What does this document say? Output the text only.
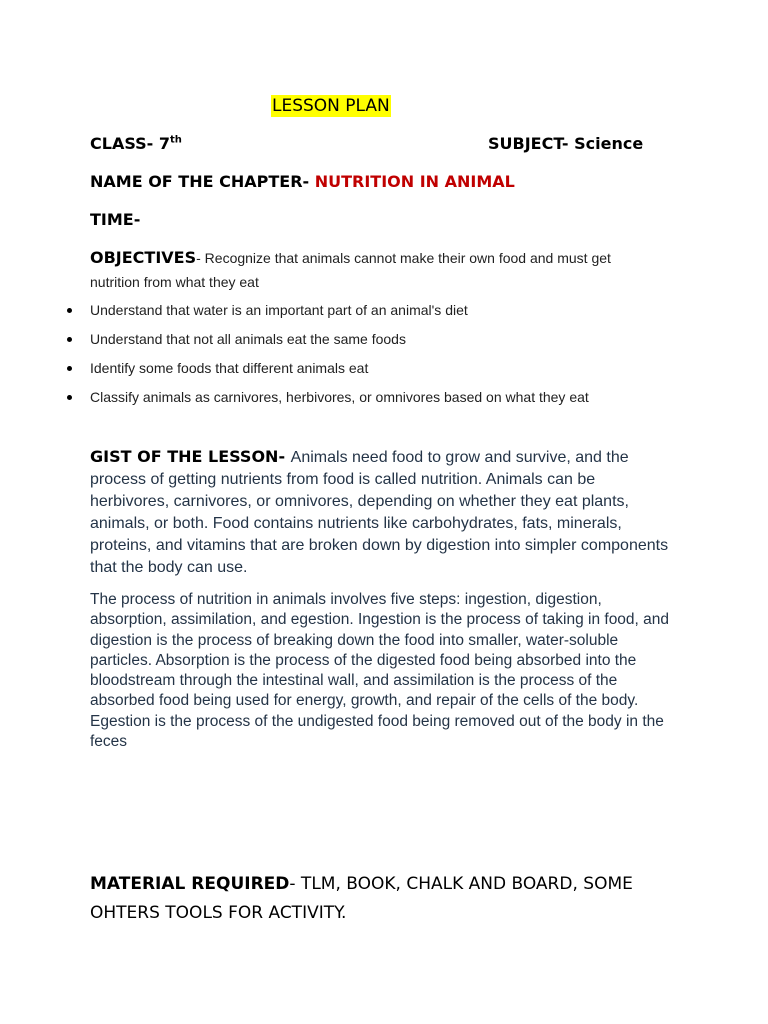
LESSON PLAN
CLASS- 7th	SUBJECT- Science
NAME OF THE CHAPTER- NUTRITION IN ANIMAL
TIME-
OBJECTIVES- Recognize that animals cannot make their own food and must get nutrition from what they eat
Understand that water is an important part of an animal's diet
Understand that not all animals eat the same foods
Identify some foods that different animals eat
Classify animals as carnivores, herbivores, or omnivores based on what they eat
GIST OF THE LESSON- Animals need food to grow and survive, and the process of getting nutrients from food is called nutrition. Animals can be herbivores, carnivores, or omnivores, depending on whether they eat plants, animals, or both. Food contains nutrients like carbohydrates, fats, minerals, proteins, and vitamins that are broken down by digestion into simpler components that the body can use.
The process of nutrition in animals involves five steps: ingestion, digestion, absorption, assimilation, and egestion. Ingestion is the process of taking in food, and digestion is the process of breaking down the food into smaller, water-soluble particles. Absorption is the process of the digested food being absorbed into the bloodstream through the intestinal wall, and assimilation is the process of the absorbed food being used for energy, growth, and repair of the cells of the body. Egestion is the process of the undigested food being removed out of the body in the feces
MATERIAL REQUIRED- TLM, BOOK, CHALK AND BOARD, SOME OHTERS TOOLS FOR ACTIVITY.
